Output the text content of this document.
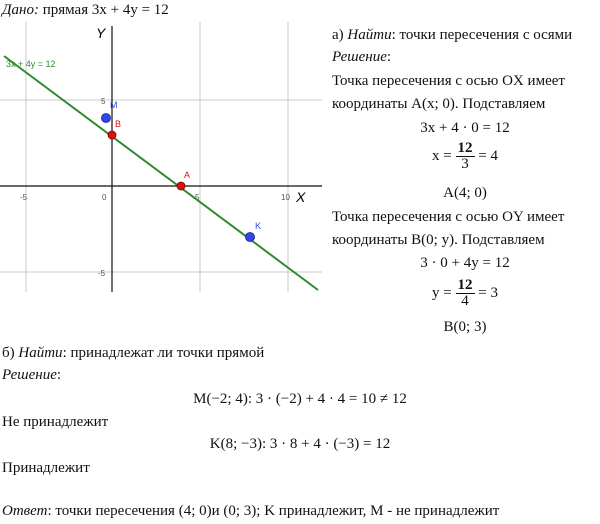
Дано: прямая 3x + 4y = 12
Y
X
-5	0	5	10
5
-5
3x + 4y = 12
M
B
A
K
а) Найти: точки пересечения с осями
Решение:
Точка пересечения с осью OX имеет
координаты A(x; 0). Подставляем
3x + 4 · 0 = 12
$x = \frac{12}{3} = 4$
A(4; 0)
Точка пересечения с осью OY имеет
координаты B(0; y). Подставляем
3 · 0 + 4y = 12
$y = \frac{12}{4} = 3$
B(0; 3)
б) Найти: принадлежат ли точки прямой
Решение:
M(−2; 4): 3 · (−2) + 4 · 4 = 10 ≠ 12
Не принадлежит
K(8; −3): 3 · 8 + 4 · (−3) = 12
Принадлежит
Ответ: точки пересечения (4; 0)и (0; 3); K принадлежит, M - не принадлежит
